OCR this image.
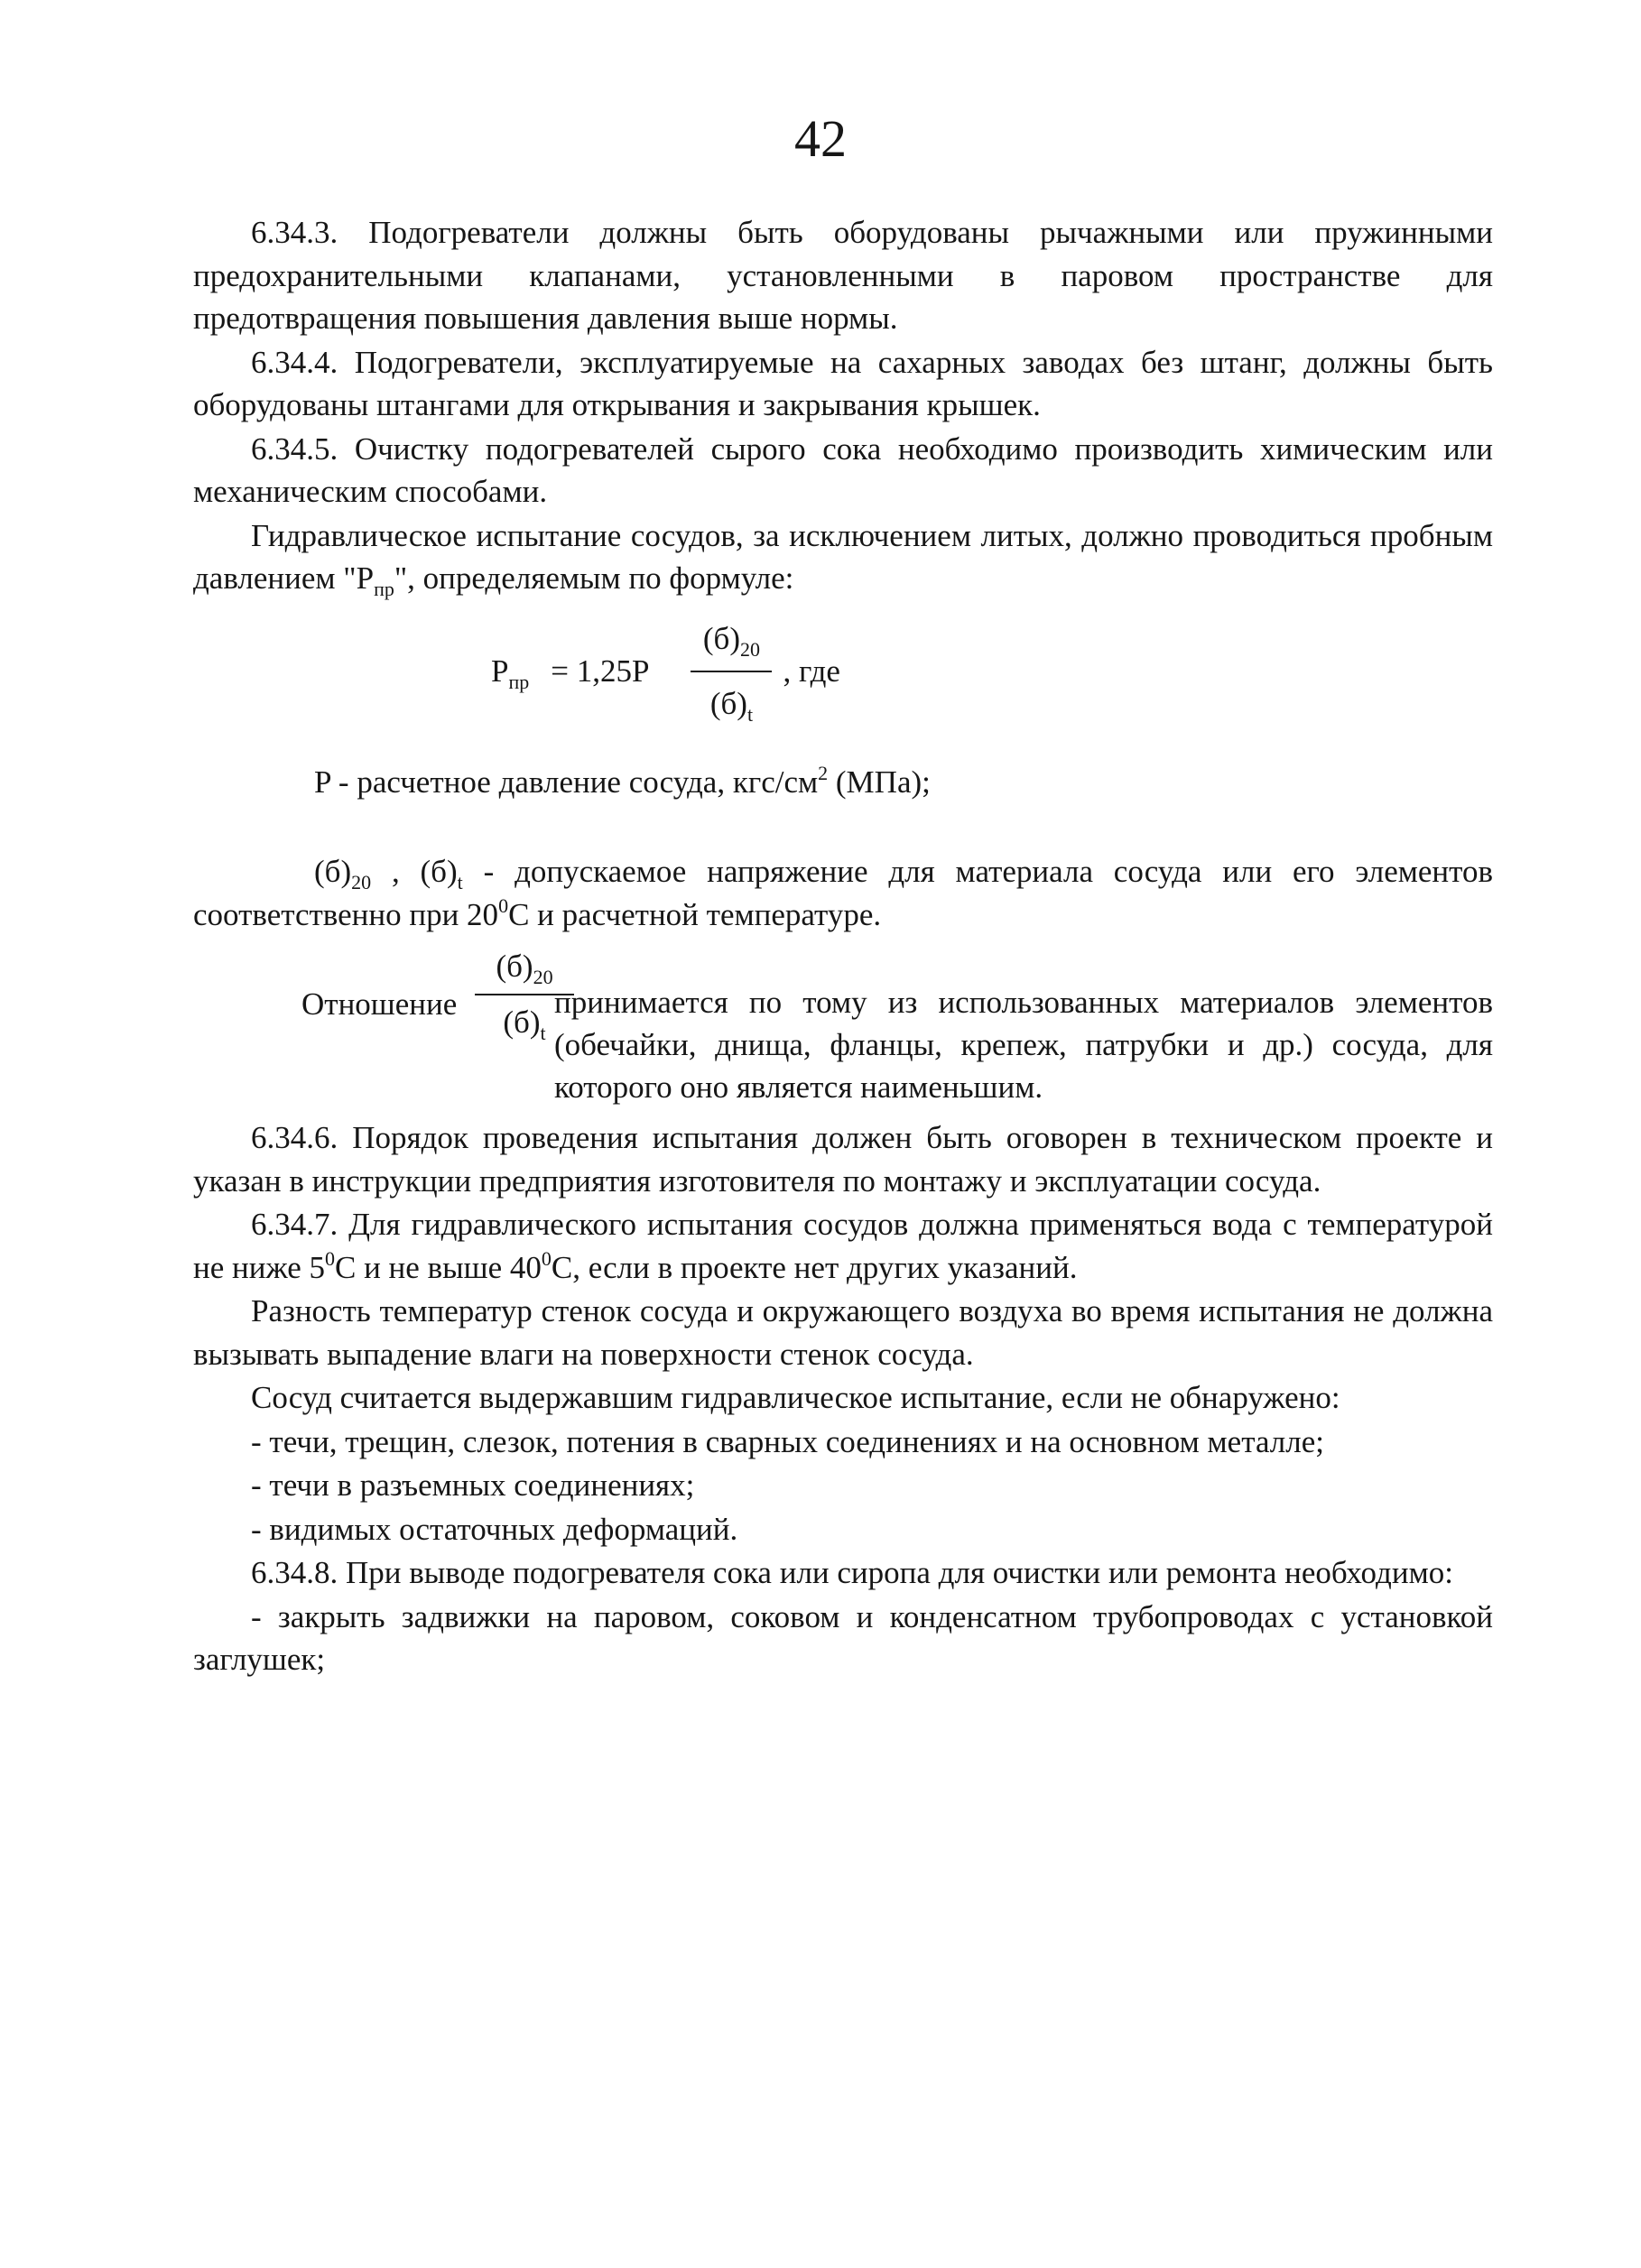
42

6.34.3. Подогреватели должны быть оборудованы рычажными или пружинными предохранительными клапанами, установленными в паровом пространстве для предотвращения повышения давления выше нормы.

6.34.4. Подогреватели, эксплуатируемые на сахарных заводах без штанг, должны быть оборудованы штангами для открывания и закрывания крышек.

6.34.5. Очистку подогревателей сырого сока необходимо производить химическим или механическим способами.

Гидравлическое испытание сосудов, за исключением литых, должно проводиться пробным давлением "$P_{пр}$", определяемым по формуле:

$P_{пр} = 1,25P \frac{(б)_{20}}{(б)_t}$ , где

P - расчетное давление сосуда, кгс/$см^2$ (МПа);

$(б)_{20}$ , $(б)_t$ - допускаемое напряжение для материала сосуда или его элементов соответственно при $20^0С$ и расчетной температуре.

Отношение
$(б)_{20}$
$(б)_t$
принимается по тому из использованных материалов элементов (обечайки, днища, фланцы, крепеж, патрубки и др.) сосуда, для которого оно является наименьшим.

6.34.6. Порядок проведения испытания должен быть оговорен в техническом проекте и указан в инструкции предприятия изготовителя по монтажу и эксплуатации сосуда.

6.34.7. Для гидравлического испытания сосудов должна применяться вода с температурой не ниже $5^0С$ и не выше $40^0С$, если в проекте нет других указаний.

Разность температур стенок сосуда и окружающего воздуха во время испытания не должна вызывать выпадение влаги на поверхности стенок сосуда.

Сосуд считается выдержавшим гидравлическое испытание, если не обнаружено:

- течи, трещин, слезок, потения в сварных соединениях и на основном металле;

- течи в разъемных соединениях;

- видимых остаточных деформаций.

6.34.8. При выводе подогревателя сока или сиропа для очистки или ремонта необходимо:

- закрыть задвижки на паровом, соковом и конденсатном трубопроводах с установкой заглушек;
